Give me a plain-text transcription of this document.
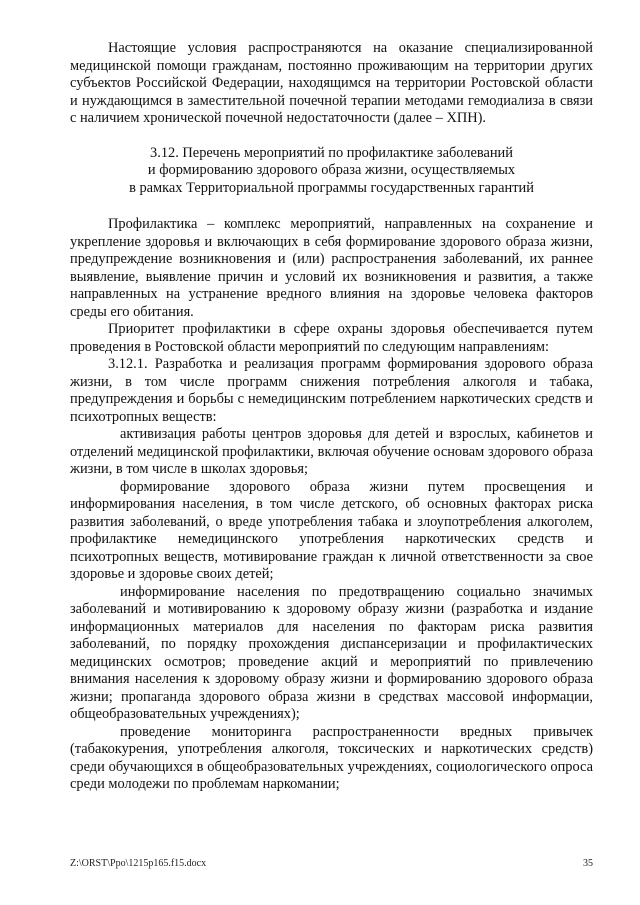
Настоящие условия распространяются на оказание специализированной медицинской помощи гражданам, постоянно проживающим на территории других субъектов Российской Федерации, находящимся на территории Ростовской области и нуждающимся в заместительной почечной терапии методами гемодиализа в связи с наличием хронической почечной недостаточности (далее – ХПН).

3.12. Перечень мероприятий по профилактике заболеваний
и формированию здорового образа жизни, осуществляемых
в рамках Территориальной программы государственных гарантий

Профилактика – комплекс мероприятий, направленных на сохранение и укрепление здоровья и включающих в себя формирование здорового образа жизни, предупреждение возникновения и (или) распространения заболеваний, их раннее выявление, выявление причин и условий их возникновения и развития, а также направленных на устранение вредного влияния на здоровье человека факторов среды его обитания.

Приоритет профилактики в сфере охраны здоровья обеспечивается путем проведения в Ростовской области мероприятий по следующим направлениям:

3.12.1. Разработка и реализация программ формирования здорового образа жизни, в том числе программ снижения потребления алкоголя и табака, предупреждения и борьбы с немедицинским потреблением наркотических средств и психотропных веществ:

активизация работы центров здоровья для детей и взрослых, кабинетов и отделений медицинской профилактики, включая обучение основам здорового образа жизни, в том числе в школах здоровья;

формирование здорового образа жизни путем просвещения и информирования населения, в том числе детского, об основных факторах риска развития заболеваний, о вреде употребления табака и злоупотребления алкоголем, профилактике немедицинского употребления наркотических средств и психотропных веществ, мотивирование граждан к личной ответственности за свое здоровье и здоровье своих детей;

информирование населения по предотвращению социально значимых заболеваний и мотивированию к здоровому образу жизни (разработка и издание информационных материалов для населения по факторам риска развития заболеваний, по порядку прохождения диспансеризации и профилактических медицинских осмотров; проведение акций и мероприятий по привлечению внимания населения к здоровому образу жизни и формированию здорового образа жизни; пропаганда здорового образа жизни в средствах массовой информации, общеобразовательных учреждениях);

проведение мониторинга распространенности вредных привычек (табакокурения, употребления алкоголя, токсических и наркотических средств) среди обучающихся в общеобразовательных учреждениях, социологического опроса среди молодежи по проблемам наркомании;

Z:\ORST\Ppo\1215p165.f15.docx	35
